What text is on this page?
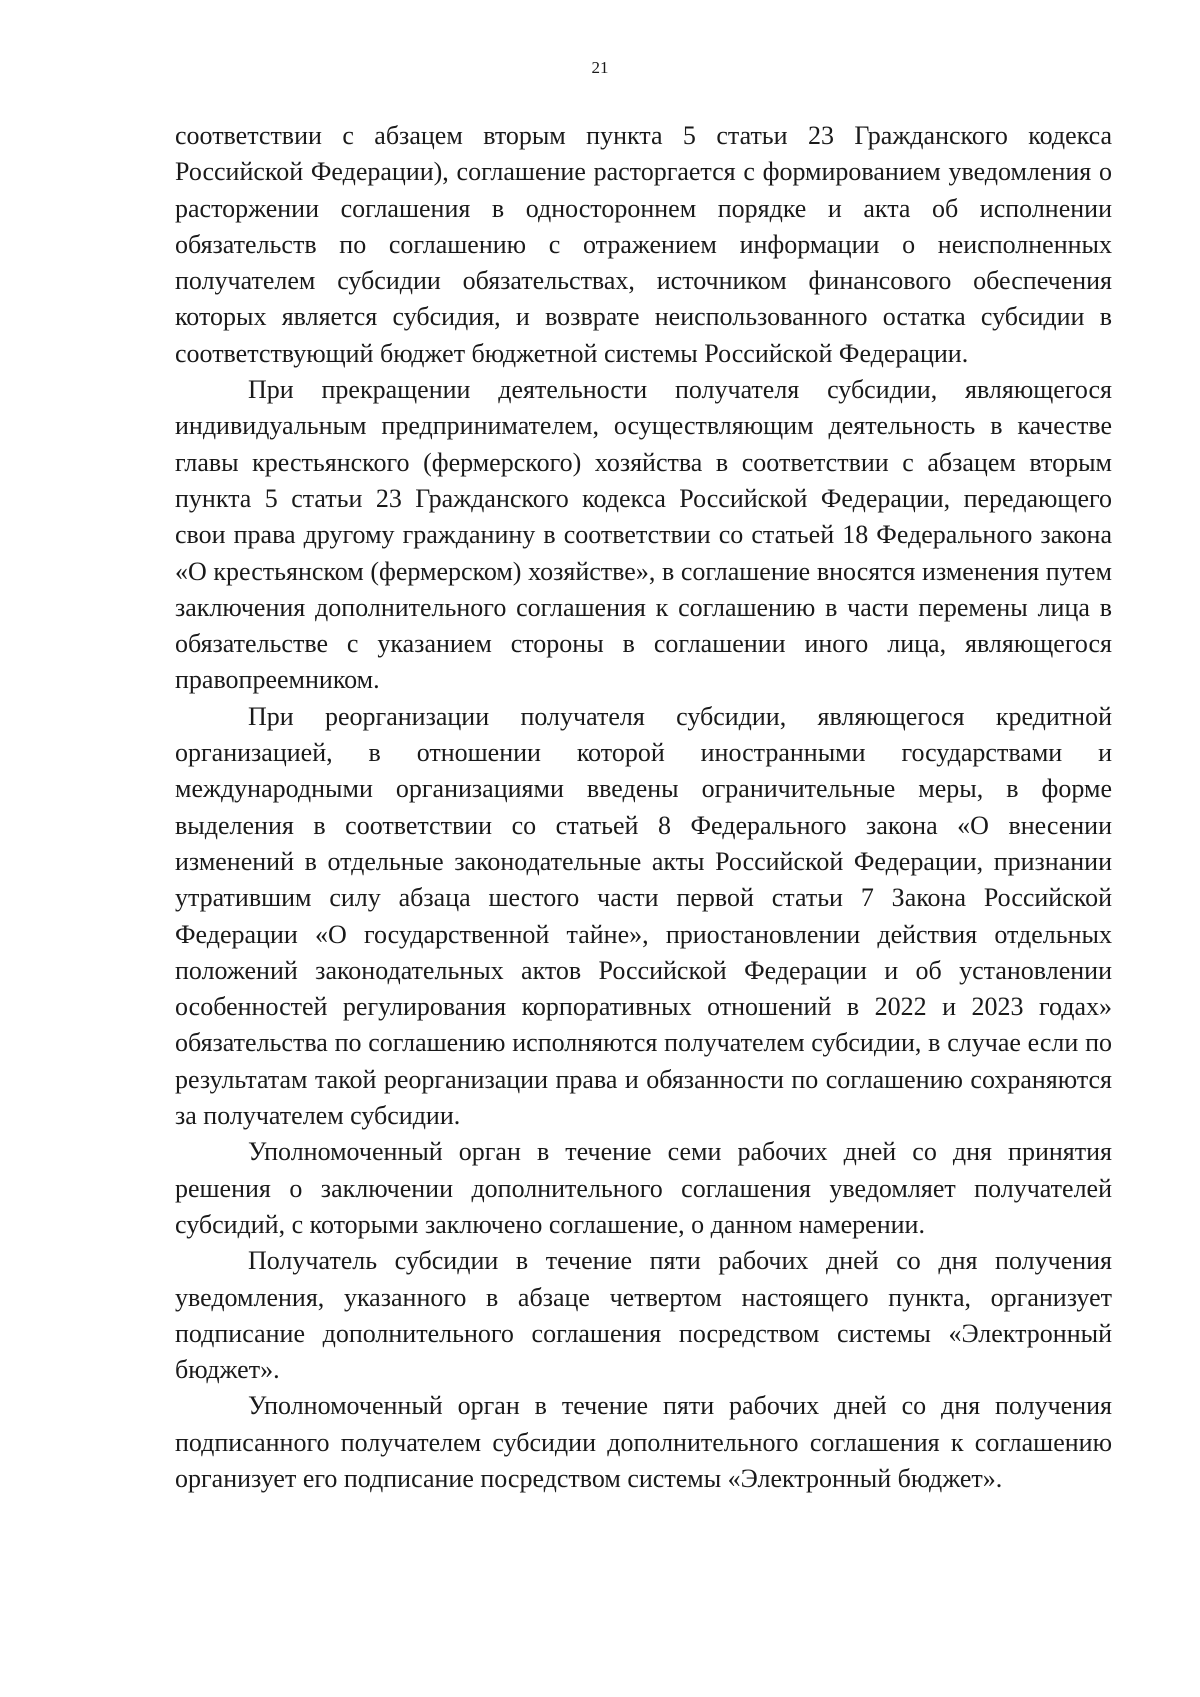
21

соответствии с абзацем вторым пункта 5 статьи 23 Гражданского кодекса Российской Федерации), соглашение расторгается с формированием уведомления о расторжении соглашения в одностороннем порядке и акта об исполнении обязательств по соглашению с отражением информации о неисполненных получателем субсидии обязательствах, источником финансового обеспечения которых является субсидия, и возврате неиспользованного остатка субсидии в соответствующий бюджет бюджетной системы Российской Федерации.

При прекращении деятельности получателя субсидии, являющегося индивидуальным предпринимателем, осуществляющим деятельность в качестве главы крестьянского (фермерского) хозяйства в соответствии с абзацем вторым пункта 5 статьи 23 Гражданского кодекса Российской Федерации, передающего свои права другому гражданину в соответствии со статьей 18 Федерального закона «О крестьянском (фермерском) хозяйстве», в соглашение вносятся изменения путем заключения дополнительного соглашения к соглашению в части перемены лица в обязательстве с указанием стороны в соглашении иного лица, являющегося правопреемником.

При реорганизации получателя субсидии, являющегося кредитной организацией, в отношении которой иностранными государствами и международными организациями введены ограничительные меры, в форме выделения в соответствии со статьей 8 Федерального закона «О внесении изменений в отдельные законодательные акты Российской Федерации, признании утратившим силу абзаца шестого части первой статьи 7 Закона Российской Федерации «О государственной тайне», приостановлении действия отдельных положений законодательных актов Российской Федерации и об установлении особенностей регулирования корпоративных отношений в 2022 и 2023 годах» обязательства по соглашению исполняются получателем субсидии, в случае если по результатам такой реорганизации права и обязанности по соглашению сохраняются за получателем субсидии.

Уполномоченный орган в течение семи рабочих дней со дня принятия решения о заключении дополнительного соглашения уведомляет получателей субсидий, с которыми заключено соглашение, о данном намерении.

Получатель субсидии в течение пяти рабочих дней со дня получения уведомления, указанного в абзаце четвертом настоящего пункта, организует подписание дополнительного соглашения посредством системы «Электронный бюджет».

Уполномоченный орган в течение пяти рабочих дней со дня получения подписанного получателем субсидии дополнительного соглашения к соглашению организует его подписание посредством системы «Электронный бюджет».
